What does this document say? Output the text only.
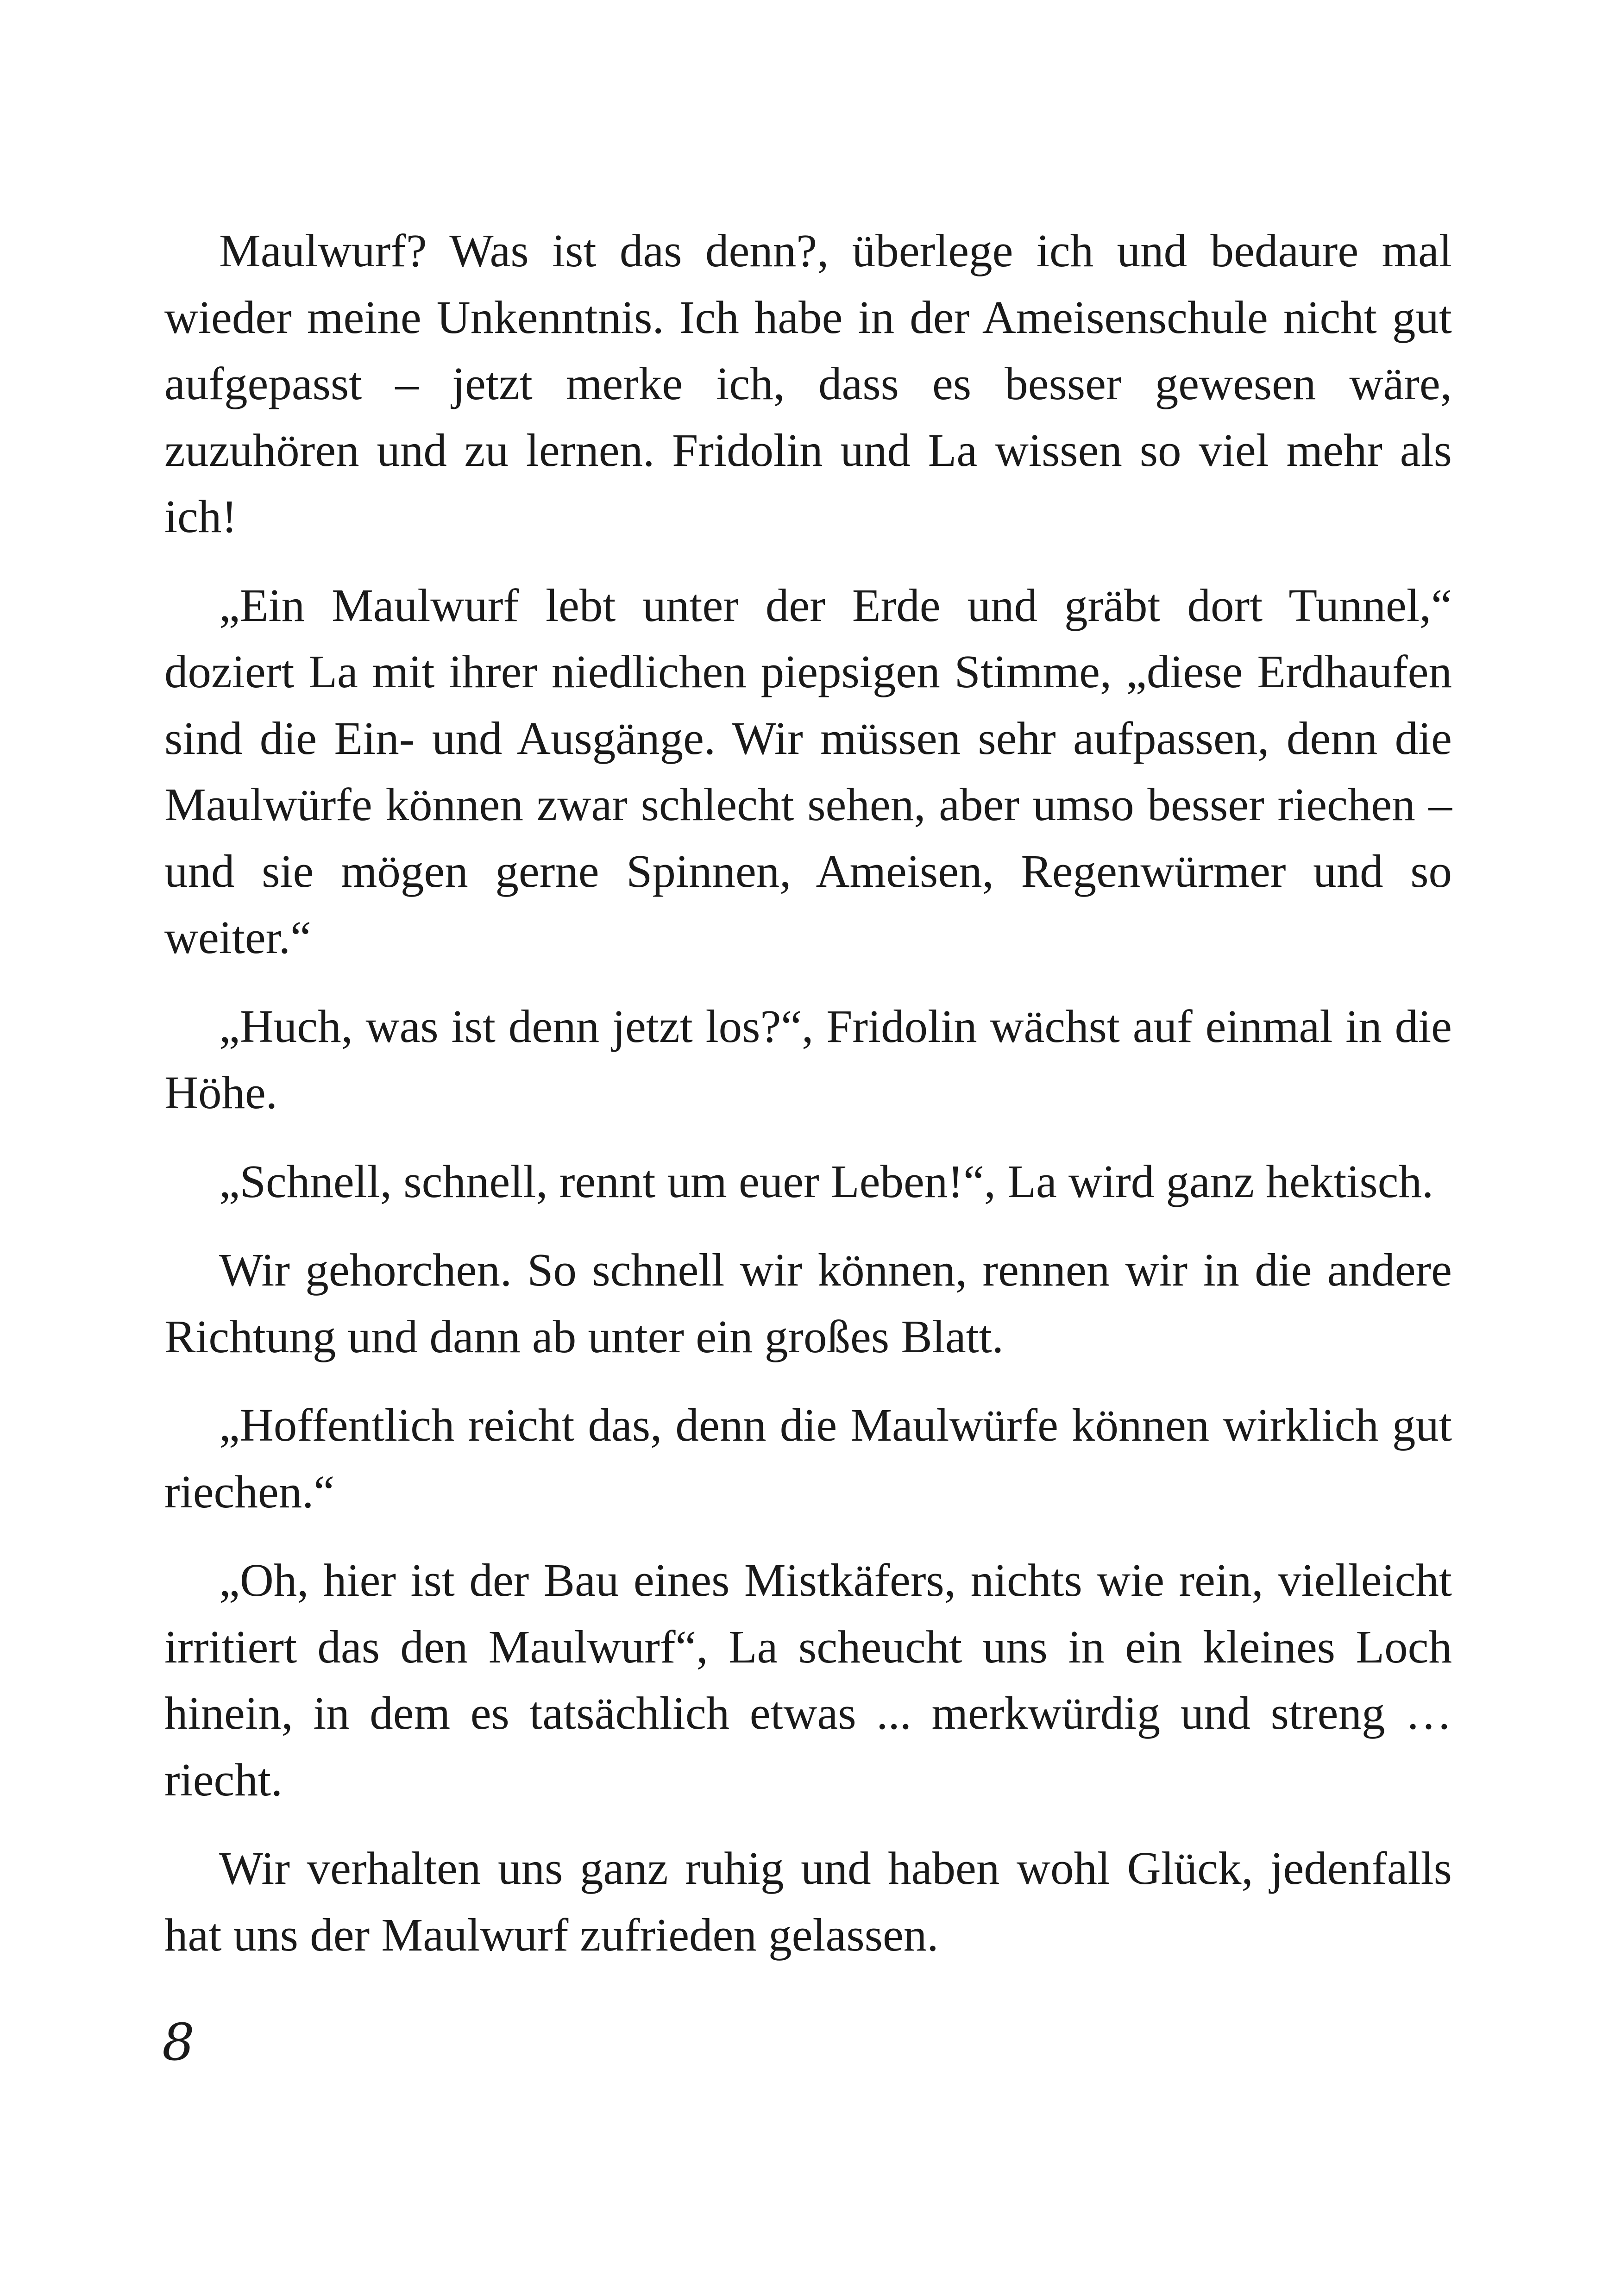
Maulwurf? Was ist das denn?, überlege ich und bedaure mal wieder meine Unkenntnis. Ich habe in der Ameisenschule nicht gut aufgepasst – jetzt merke ich, dass es besser gewesen wäre, zuzuhören und zu lernen. Fridolin und La wissen so viel mehr als ich!

„Ein Maulwurf lebt unter der Erde und gräbt dort Tunnel,“ doziert La mit ihrer niedlichen piepsigen Stimme, „diese Erdhaufen sind die Ein- und Ausgänge. Wir müssen sehr aufpassen, denn die Maulwürfe können zwar schlecht sehen, aber umso besser riechen – und sie mögen gerne Spinnen, Ameisen, Regenwürmer und so weiter.“

„Huch, was ist denn jetzt los?“, Fridolin wächst auf einmal in die Höhe.

„Schnell, schnell, rennt um euer Leben!“, La wird ganz hektisch.

Wir gehorchen. So schnell wir können, rennen wir in die andere Richtung und dann ab unter ein großes Blatt.

„Hoffentlich reicht das, denn die Maulwürfe können wirklich gut riechen.“

„Oh, hier ist der Bau eines Mistkäfers, nichts wie rein, vielleicht irritiert das den Maulwurf“, La scheucht uns in ein kleines Loch hinein, in dem es tatsächlich etwas ... merkwürdig und streng … riecht.

Wir verhalten uns ganz ruhig und haben wohl Glück, jedenfalls hat uns der Maulwurf zufrieden gelassen.

8
